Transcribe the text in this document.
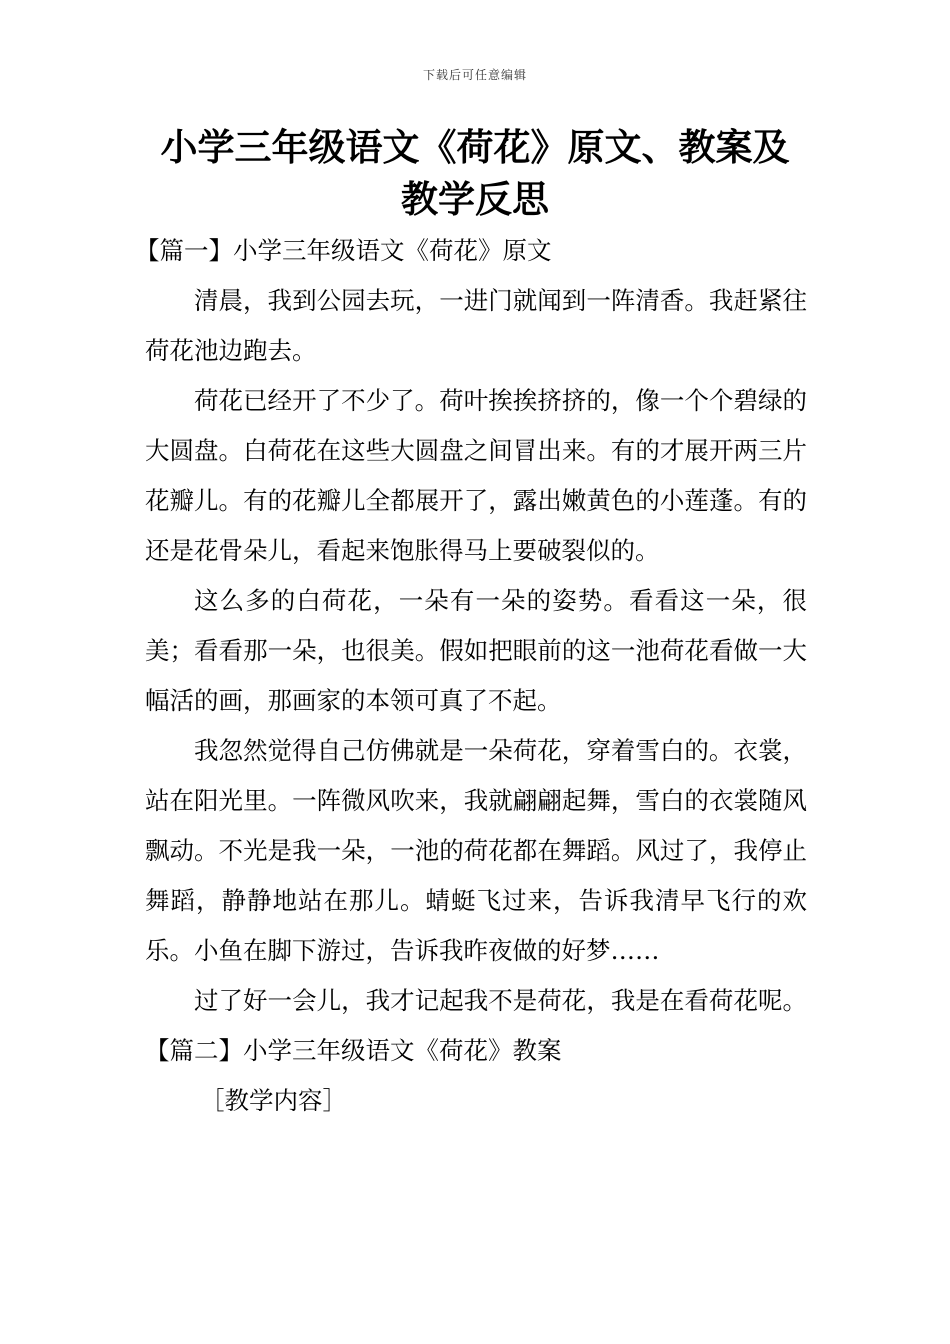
下载后可任意编辑
小学三年级语文《荷花》原文、教案及教学反思

【篇一】小学三年级语文《荷花》原文

清晨，我到公园去玩，一进门就闻到一阵清香。我赶紧往荷花池边跑去。

荷花已经开了不少了。荷叶挨挨挤挤的，像一个个碧绿的大圆盘。白荷花在这些大圆盘之间冒出来。有的才展开两三片花瓣儿。有的花瓣儿全都展开了，露出嫩黄色的小莲蓬。有的还是花骨朵儿，看起来饱胀得马上要破裂似的。

这么多的白荷花，一朵有一朵的姿势。看看这一朵，很美；看看那一朵，也很美。假如把眼前的这一池荷花看做一大幅活的画，那画家的本领可真了不起。

我忽然觉得自己仿佛就是一朵荷花，穿着雪白的。衣裳，站在阳光里。一阵微风吹来，我就翩翩起舞，雪白的衣裳随风飘动。不光是我一朵，一池的荷花都在舞蹈。风过了，我停止舞蹈，静静地站在那儿。蜻蜓飞过来，告诉我清早飞行的欢乐。小鱼在脚下游过，告诉我昨夜做的好梦……

过了好一会儿，我才记起我不是荷花，我是在看荷花呢。 【篇二】小学三年级语文《荷花》教案

［教学内容］
